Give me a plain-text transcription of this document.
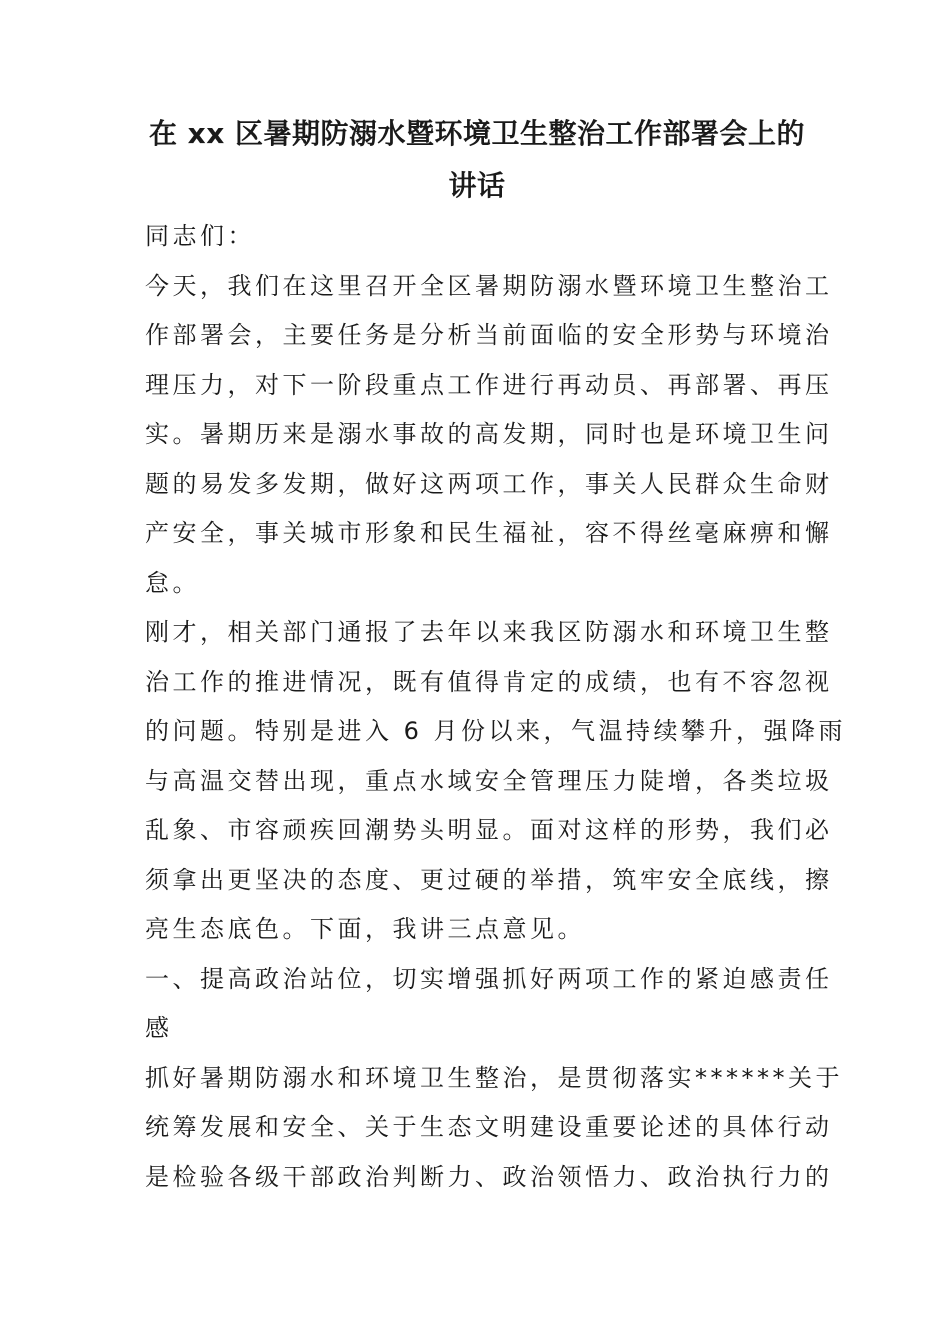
在 xx 区暑期防溺水暨环境卫生整治工作部署会上的
讲话

同志们：

今天，我们在这里召开全区暑期防溺水暨环境卫生整治工
作部署会，主要任务是分析当前面临的安全形势与环境治
理压力，对下一阶段重点工作进行再动员、再部署、再压
实。暑期历来是溺水事故的高发期，同时也是环境卫生问
题的易发多发期，做好这两项工作，事关人民群众生命财
产安全，事关城市形象和民生福祉，容不得丝毫麻痹和懈
怠。

刚才，相关部门通报了去年以来我区防溺水和环境卫生整
治工作的推进情况，既有值得肯定的成绩，也有不容忽视
的问题。特别是进入 6 月份以来，气温持续攀升，强降雨
与高温交替出现，重点水域安全管理压力陡增，各类垃圾
乱象、市容顽疾回潮势头明显。面对这样的形势，我们必
须拿出更坚决的态度、更过硬的举措，筑牢安全底线，擦
亮生态底色。下面，我讲三点意见。

一、提高政治站位，切实增强抓好两项工作的紧迫感责任
感

抓好暑期防溺水和环境卫生整治，是贯彻落实******关于
统筹发展和安全、关于生态文明建设重要论述的具体行动
是检验各级干部政治判断力、政治领悟力、政治执行力的
